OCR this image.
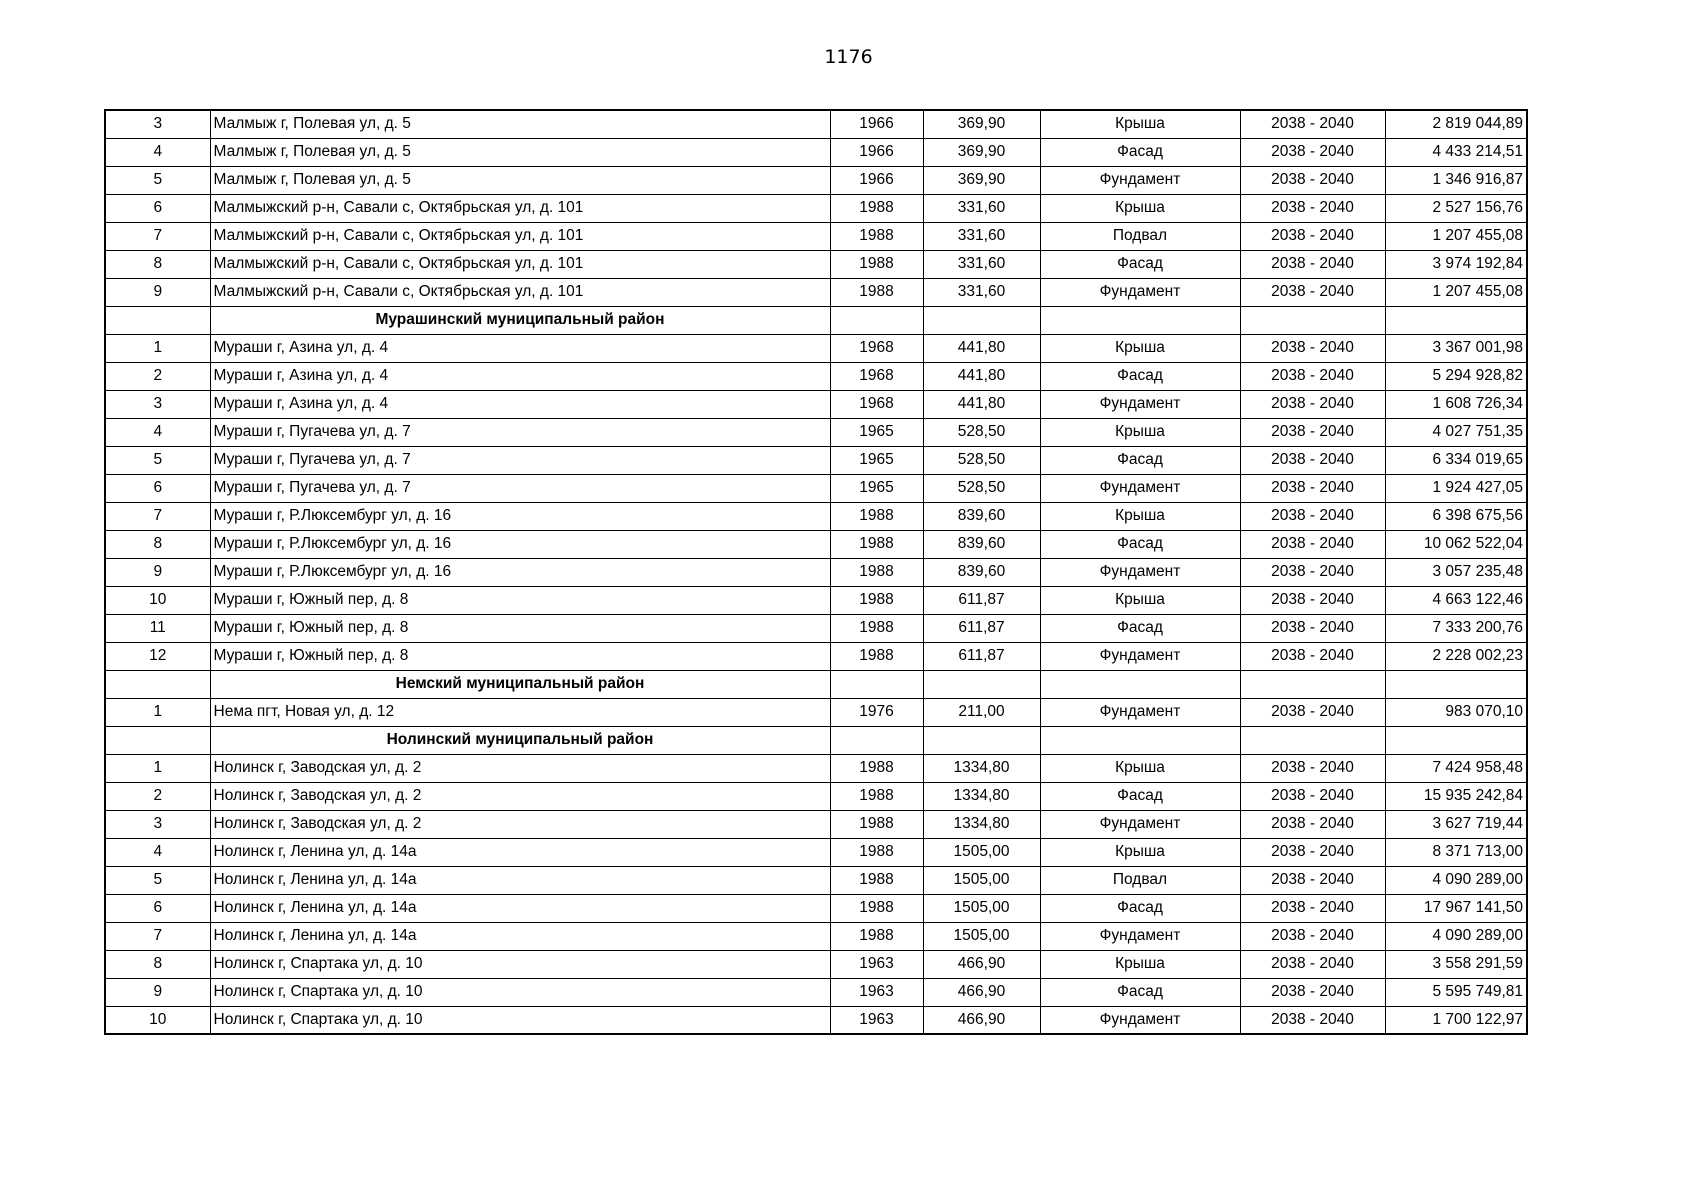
1176
3	Малмыж г, Полевая ул, д. 5	1966	369,90	Крыша	2038 - 2040	2 819 044,89
4	Малмыж г, Полевая ул, д. 5	1966	369,90	Фасад	2038 - 2040	4 433 214,51
5	Малмыж г, Полевая ул, д. 5	1966	369,90	Фундамент	2038 - 2040	1 346 916,87
6	Малмыжский р-н, Савали с, Октябрьская ул, д. 101	1988	331,60	Крыша	2038 - 2040	2 527 156,76
7	Малмыжский р-н, Савали с, Октябрьская ул, д. 101	1988	331,60	Подвал	2038 - 2040	1 207 455,08
8	Малмыжский р-н, Савали с, Октябрьская ул, д. 101	1988	331,60	Фасад	2038 - 2040	3 974 192,84
9	Малмыжский р-н, Савали с, Октябрьская ул, д. 101	1988	331,60	Фундамент	2038 - 2040	1 207 455,08
	Мурашинский муниципальный район					
1	Мураши г, Азина ул, д. 4	1968	441,80	Крыша	2038 - 2040	3 367 001,98
2	Мураши г, Азина ул, д. 4	1968	441,80	Фасад	2038 - 2040	5 294 928,82
3	Мураши г, Азина ул, д. 4	1968	441,80	Фундамент	2038 - 2040	1 608 726,34
4	Мураши г, Пугачева ул, д. 7	1965	528,50	Крыша	2038 - 2040	4 027 751,35
5	Мураши г, Пугачева ул, д. 7	1965	528,50	Фасад	2038 - 2040	6 334 019,65
6	Мураши г, Пугачева ул, д. 7	1965	528,50	Фундамент	2038 - 2040	1 924 427,05
7	Мураши г, Р.Люксембург ул, д. 16	1988	839,60	Крыша	2038 - 2040	6 398 675,56
8	Мураши г, Р.Люксембург ул, д. 16	1988	839,60	Фасад	2038 - 2040	10 062 522,04
9	Мураши г, Р.Люксембург ул, д. 16	1988	839,60	Фундамент	2038 - 2040	3 057 235,48
10	Мураши г, Южный пер, д. 8	1988	611,87	Крыша	2038 - 2040	4 663 122,46
11	Мураши г, Южный пер, д. 8	1988	611,87	Фасад	2038 - 2040	7 333 200,76
12	Мураши г, Южный пер, д. 8	1988	611,87	Фундамент	2038 - 2040	2 228 002,23
	Немский муниципальный район					
1	Нема пгт, Новая ул, д. 12	1976	211,00	Фундамент	2038 - 2040	983 070,10
	Нолинский муниципальный район					
1	Нолинск г, Заводская ул, д. 2	1988	1334,80	Крыша	2038 - 2040	7 424 958,48
2	Нолинск г, Заводская ул, д. 2	1988	1334,80	Фасад	2038 - 2040	15 935 242,84
3	Нолинск г, Заводская ул, д. 2	1988	1334,80	Фундамент	2038 - 2040	3 627 719,44
4	Нолинск г, Ленина ул, д. 14а	1988	1505,00	Крыша	2038 - 2040	8 371 713,00
5	Нолинск г, Ленина ул, д. 14а	1988	1505,00	Подвал	2038 - 2040	4 090 289,00
6	Нолинск г, Ленина ул, д. 14а	1988	1505,00	Фасад	2038 - 2040	17 967 141,50
7	Нолинск г, Ленина ул, д. 14а	1988	1505,00	Фундамент	2038 - 2040	4 090 289,00
8	Нолинск г, Спартака ул, д. 10	1963	466,90	Крыша	2038 - 2040	3 558 291,59
9	Нолинск г, Спартака ул, д. 10	1963	466,90	Фасад	2038 - 2040	5 595 749,81
10	Нолинск г, Спартака ул, д. 10	1963	466,90	Фундамент	2038 - 2040	1 700 122,97
